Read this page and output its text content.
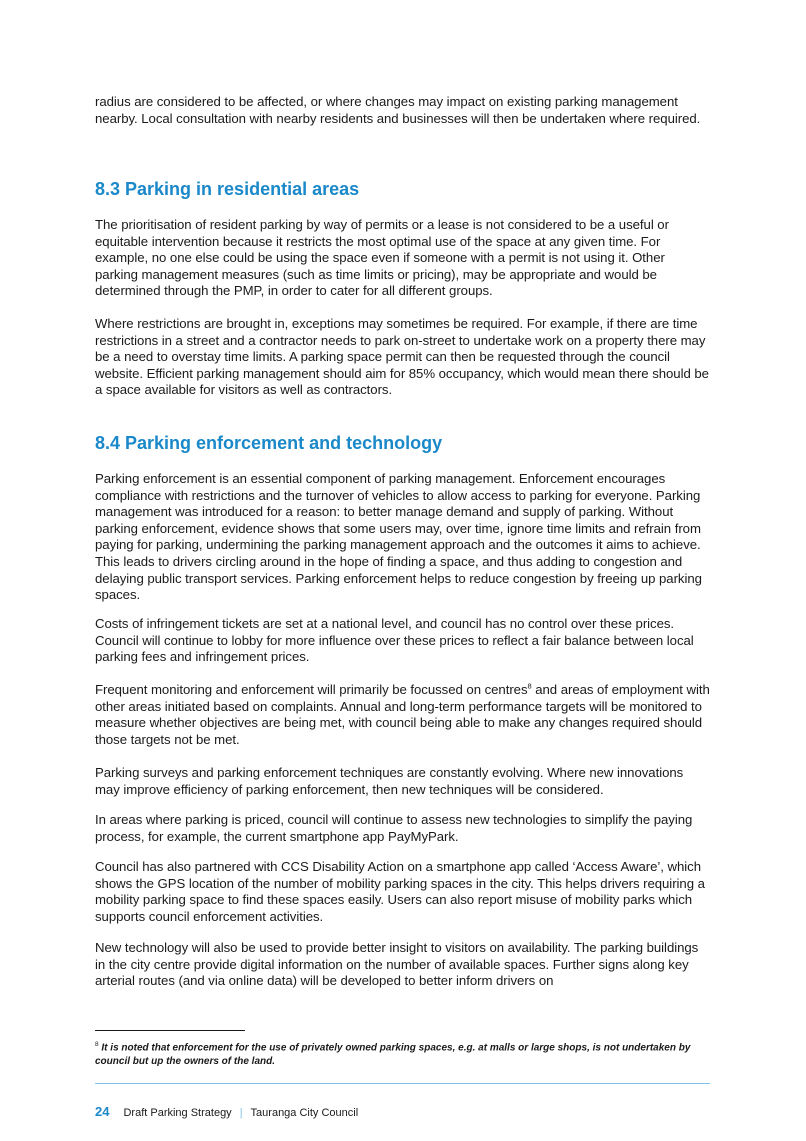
radius are considered to be affected, or where changes may impact on existing parking management nearby. Local consultation with nearby residents and businesses will then be undertaken where required.

8.3 Parking in residential areas

The prioritisation of resident parking by way of permits or a lease is not considered to be a useful or equitable intervention because it restricts the most optimal use of the space at any given time. For example, no one else could be using the space even if someone with a permit is not using it. Other parking management measures (such as time limits or pricing), may be appropriate and would be determined through the PMP, in order to cater for all different groups.

Where restrictions are brought in, exceptions may sometimes be required. For example, if there are time restrictions in a street and a contractor needs to park on-street to undertake work on a property there may be a need to overstay time limits. A parking space permit can then be requested through the council website. Efficient parking management should aim for 85% occupancy, which would mean there should be a space available for visitors as well as contractors.

8.4 Parking enforcement and technology

Parking enforcement is an essential component of parking management. Enforcement encourages compliance with restrictions and the turnover of vehicles to allow access to parking for everyone. Parking management was introduced for a reason: to better manage demand and supply of parking. Without parking enforcement, evidence shows that some users may, over time, ignore time limits and refrain from paying for parking, undermining the parking management approach and the outcomes it aims to achieve. This leads to drivers circling around in the hope of finding a space, and thus adding to congestion and delaying public transport services. Parking enforcement helps to reduce congestion by freeing up parking spaces.

Costs of infringement tickets are set at a national level, and council has no control over these prices. Council will continue to lobby for more influence over these prices to reflect a fair balance between local parking fees and infringement prices.

Frequent monitoring and enforcement will primarily be focussed on centres$^8$ and areas of employment with other areas initiated based on complaints. Annual and long-term performance targets will be monitored to measure whether objectives are being met, with council being able to make any changes required should those targets not be met.

Parking surveys and parking enforcement techniques are constantly evolving. Where new innovations may improve efficiency of parking enforcement, then new techniques will be considered.

In areas where parking is priced, council will continue to assess new technologies to simplify the paying process, for example, the current smartphone app PayMyPark.

Council has also partnered with CCS Disability Action on a smartphone app called ‘Access Aware’, which shows the GPS location of the number of mobility parking spaces in the city. This helps drivers requiring a mobility parking space to find these spaces easily. Users can also report misuse of mobility parks which supports council enforcement activities.

New technology will also be used to provide better insight to visitors on availability. The parking buildings in the city centre provide digital information on the number of available spaces. Further signs along key arterial routes (and via online data) will be developed to better inform drivers on

$^8$ It is noted that enforcement for the use of privately owned parking spaces, e.g. at malls or large shops, is not undertaken by council but up the owners of the land.

24 Draft Parking Strategy | Tauranga City Council
